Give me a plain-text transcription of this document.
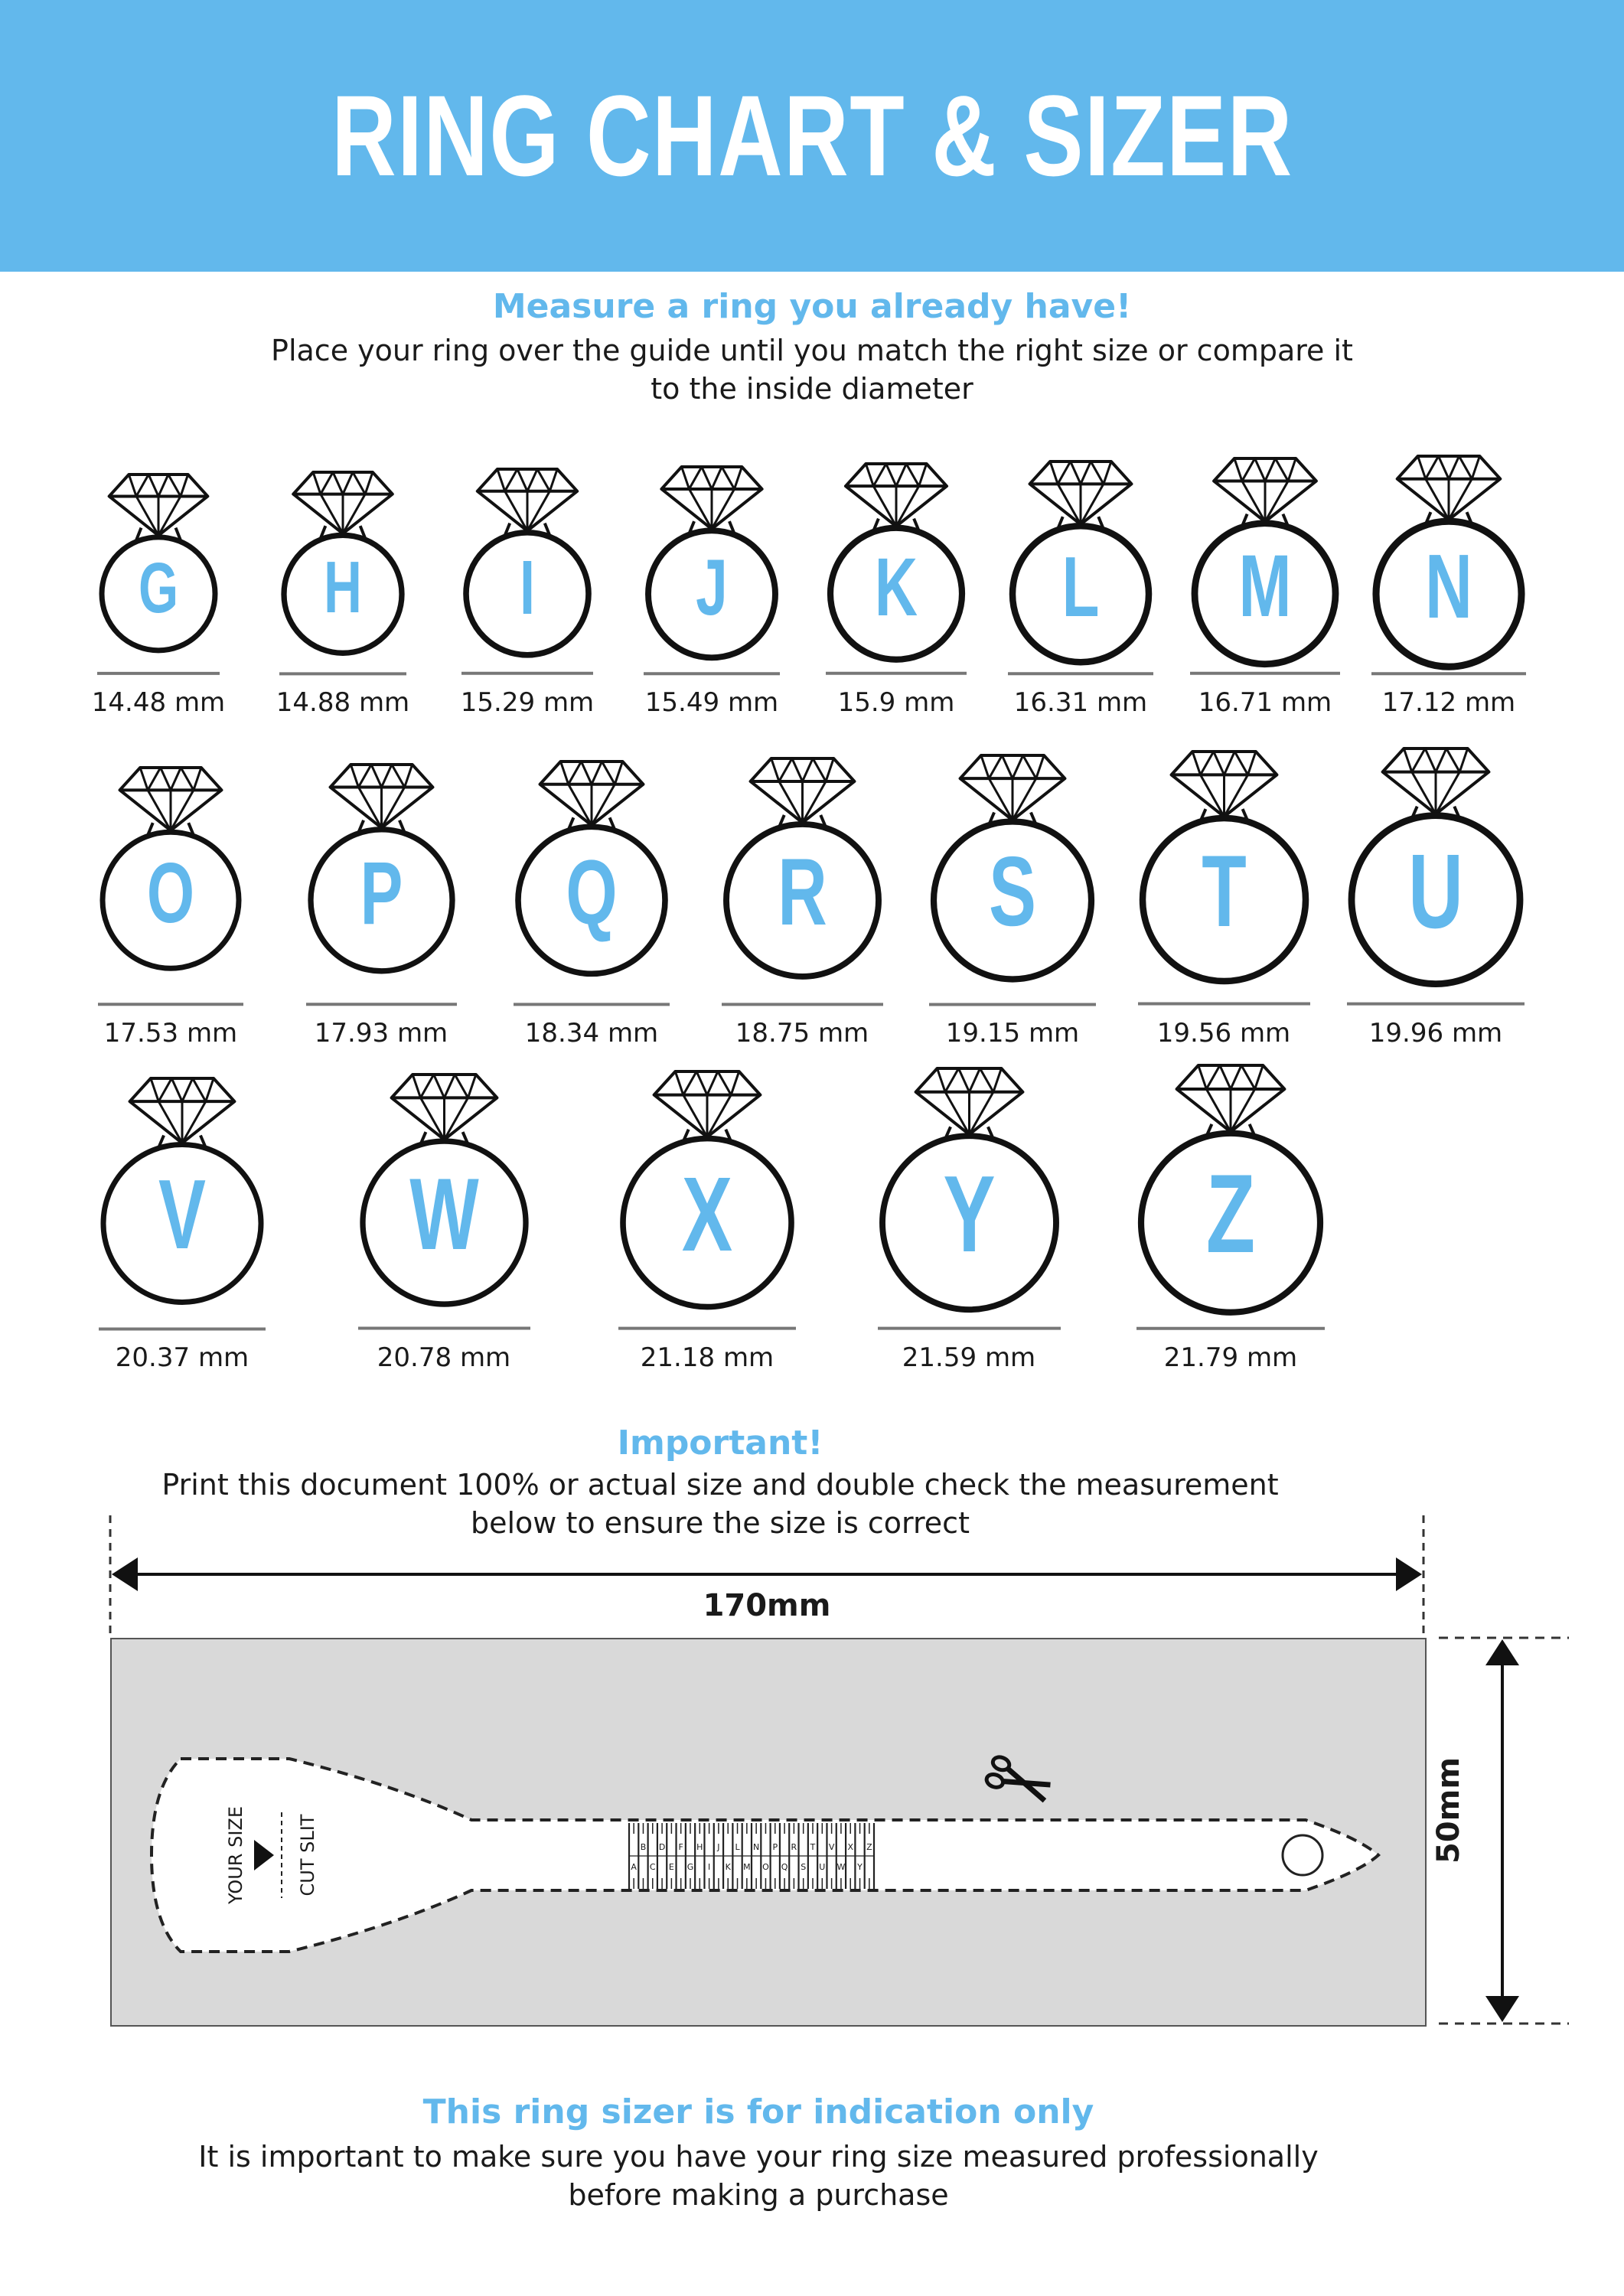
RING CHART & SIZER
Measure a ring you already have!
Place your ring over the guide until you match the right size or compare it
to the inside diameter
G
14.48 mm
H
14.88 mm
I
15.29 mm
J
15.49 mm
K
15.9 mm
L
16.31 mm
M
16.71 mm
N
17.12 mm
O
17.53 mm
P
17.93 mm
Q
18.34 mm
R
18.75 mm
S
19.15 mm
T
19.56 mm
U
19.96 mm
V
20.37 mm
W
20.78 mm
X
21.18 mm
Y
21.59 mm
Z
21.79 mm
Important!
Print this document 100% or actual size and double check the measurement
below to ensure the size is correct
170mm
50mm
YOUR SIZE	CUT SLIT	B D F H J L N P R T V X Z
A C E G I K M O Q S U W Y
This ring sizer is for indication only
It is important to make sure you have your ring size measured professionally
before making a purchase
